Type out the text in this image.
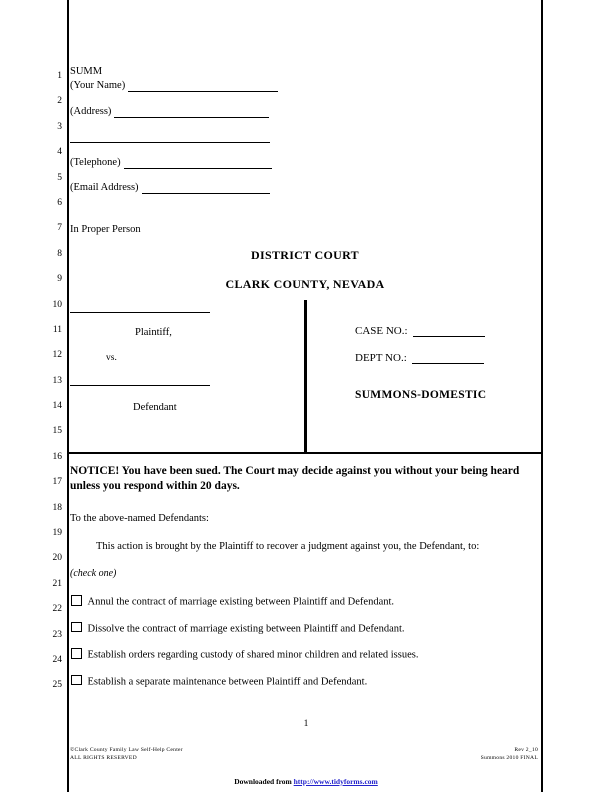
1
2
3
4
5
6
7
8
9
10
11
12
13
14
15
16
17
18
19
20
21
22
23
24
25
SUMM
(Your Name)
(Address)
(Telephone)
(Email Address)
In Proper Person
DISTRICT COURT
CLARK COUNTY, NEVADA
Plaintiff,
vs.
Defendant
CASE NO.:
DEPT NO.:
SUMMONS-DOMESTIC
NOTICE! You have been sued. The Court may decide against you without your being heard unless you respond within 20 days.
To the above-named Defendants:
This action is brought by the Plaintiff to recover a judgment against you, the Defendant, to:
(check one)
Annul the contract of marriage existing between Plaintiff and Defendant.
Dissolve the contract of marriage existing between Plaintiff and Defendant.
Establish orders regarding custody of shared minor children and related issues.
Establish a separate maintenance between Plaintiff and Defendant.
1
©Clark County Family Law Self-Help Center
ALL RIGHTS RESERVED
Rev 2_10
Summons 2010 FINAL
Downloaded from http://www.tidyforms.com
